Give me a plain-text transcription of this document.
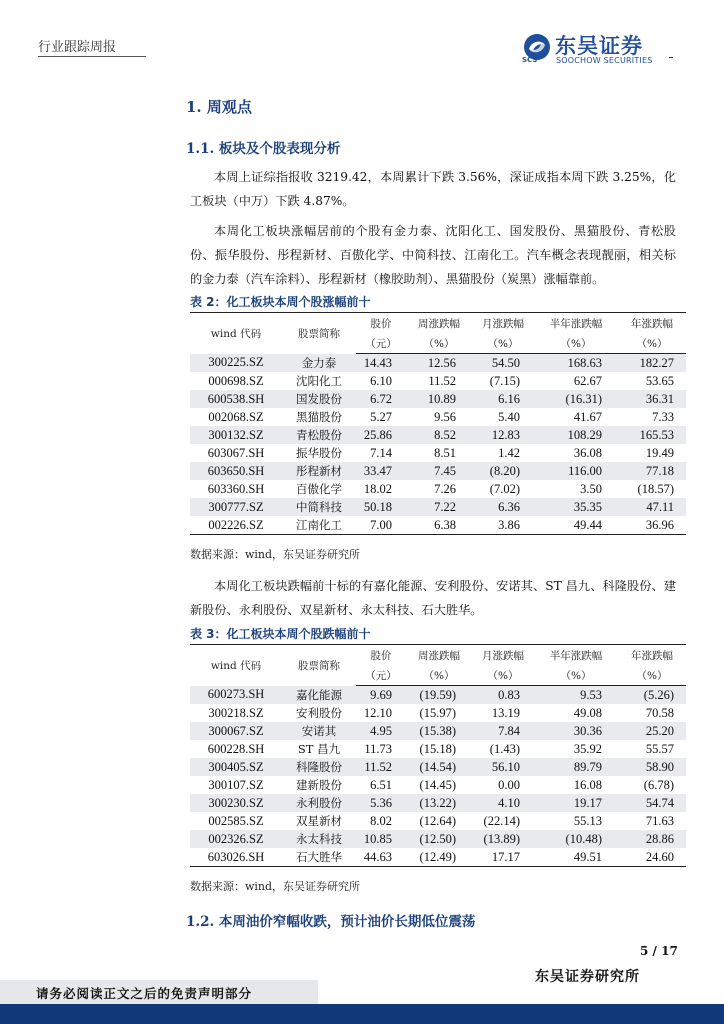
行业跟踪周报	东吴证券
SOOCHOW SECURITIES
SCS
1. 周观点
1.1. 板块及个股表现分析
本周上证综指报收 3219.42，本周累计下跌 3.56%，深证成指本周下跌 3.25%，化工板块（中万）下跌 4.87%。
本周化工板块涨幅居前的个股有金力泰、沈阳化工、国发股份、黑猫股份、青松股份、振华股份、彤程新材、百傲化学、中简科技、江南化工。汽车概念表现靓丽，相关标的金力泰（汽车涂料）、彤程新材（橡胶助剂）、黑猫股份（炭黑）涨幅靠前。
表 2：化工板块本周个股涨幅前十
wind 代码	股票简称	股价	周涨跌幅	月涨跌幅	半年涨跌幅	年涨跌幅
		（元）	（%）	（%）	（%）	（%）
300225.SZ	金力泰	14.43	12.56	54.50	168.63	182.27
000698.SZ	沈阳化工	6.10	11.52	(7.15)	62.67	53.65
600538.SH	国发股份	6.72	10.89	6.16	(16.31)	36.31
002068.SZ	黑猫股份	5.27	9.56	5.40	41.67	7.33
300132.SZ	青松股份	25.86	8.52	12.83	108.29	165.53
603067.SH	振华股份	7.14	8.51	1.42	36.08	19.49
603650.SH	彤程新材	33.47	7.45	(8.20)	116.00	77.18
603360.SH	百傲化学	18.02	7.26	(7.02)	3.50	(18.57)
300777.SZ	中简科技	50.18	7.22	6.36	35.35	47.11
002226.SZ	江南化工	7.00	6.38	3.86	49.44	36.96
数据来源：wind，东吴证券研究所
本周化工板块跌幅前十标的有嘉化能源、安利股份、安诺其、ST 昌九、科隆股份、建新股份、永利股份、双星新材、永太科技、石大胜华。
表 3：化工板块本周个股跌幅前十
wind 代码	股票简称	股价	周涨跌幅	月涨跌幅	半年涨跌幅	年涨跌幅
		（元）	（%）	（%）	（%）	（%）
600273.SH	嘉化能源	9.69	(19.59)	0.83	9.53	(5.26)
300218.SZ	安利股份	12.10	(15.97)	13.19	49.08	70.58
300067.SZ	安诺其	4.95	(15.38)	7.84	30.36	25.20
600228.SH	ST 昌九	11.73	(15.18)	(1.43)	35.92	55.57
300405.SZ	科隆股份	11.52	(14.54)	56.10	89.79	58.90
300107.SZ	建新股份	6.51	(14.45)	0.00	16.08	(6.78)
300230.SZ	永利股份	5.36	(13.22)	4.10	19.17	54.74
002585.SZ	双星新材	8.02	(12.64)	(22.14)	55.13	71.63
002326.SZ	永太科技	10.85	(12.50)	(13.89)	(10.48)	28.86
603026.SH	石大胜华	44.63	(12.49)	17.17	49.51	24.60
数据来源：wind，东吴证券研究所
1.2. 本周油价窄幅收跌，预计油价长期低位震荡
5 / 17
东吴证券研究所
请务必阅读正文之后的免责声明部分
